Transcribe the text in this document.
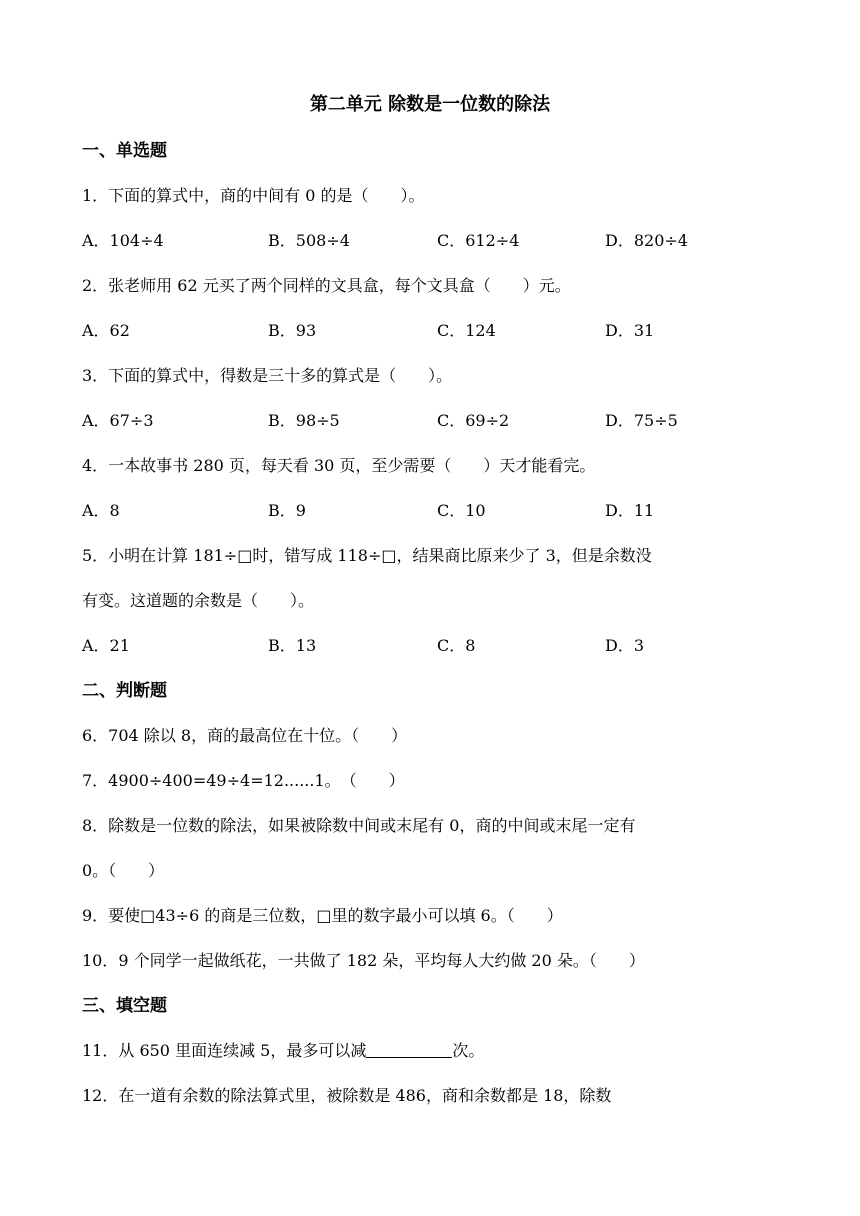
第二单元 除数是一位数的除法
一、单选题
1．下面的算式中，商的中间有 0 的是（　　）。
A．104÷4	B．508÷4	C．612÷4	D．820÷4
2．张老师用 62 元买了两个同样的文具盒，每个文具盒（　　）元。
A．62	B．93	C．124	D．31
3．下面的算式中，得数是三十多的算式是（　　）。
A．67÷3	B．98÷5	C．69÷2	D．75÷5
4．一本故事书 280 页，每天看 30 页，至少需要（　　）天才能看完。
A．8	B．9	C．10	D．11
5．小明在计算 181÷□时，错写成 118÷□，结果商比原来少了 3，但是余数没
有变。这道题的余数是（　　）。
A．21	B．13	C．8	D．3
二、判断题
6．704 除以 8，商的最高位在十位。（　　）
7．4900÷400=49÷4=12......1。　（　　）
8．除数是一位数的除法，如果被除数中间或末尾有 0，商的中间或末尾一定有
0。（　　）
9．要使□43÷6 的商是三位数，□里的数字最小可以填 6。（　　）
10．9 个同学一起做纸花，一共做了 182 朵，平均每人大约做 20 朵。（　　）
三、填空题
11．从 650 里面连续减 5，最多可以减	次。
12．在一道有余数的除法算式里，被除数是 486，商和余数都是 18，除数
